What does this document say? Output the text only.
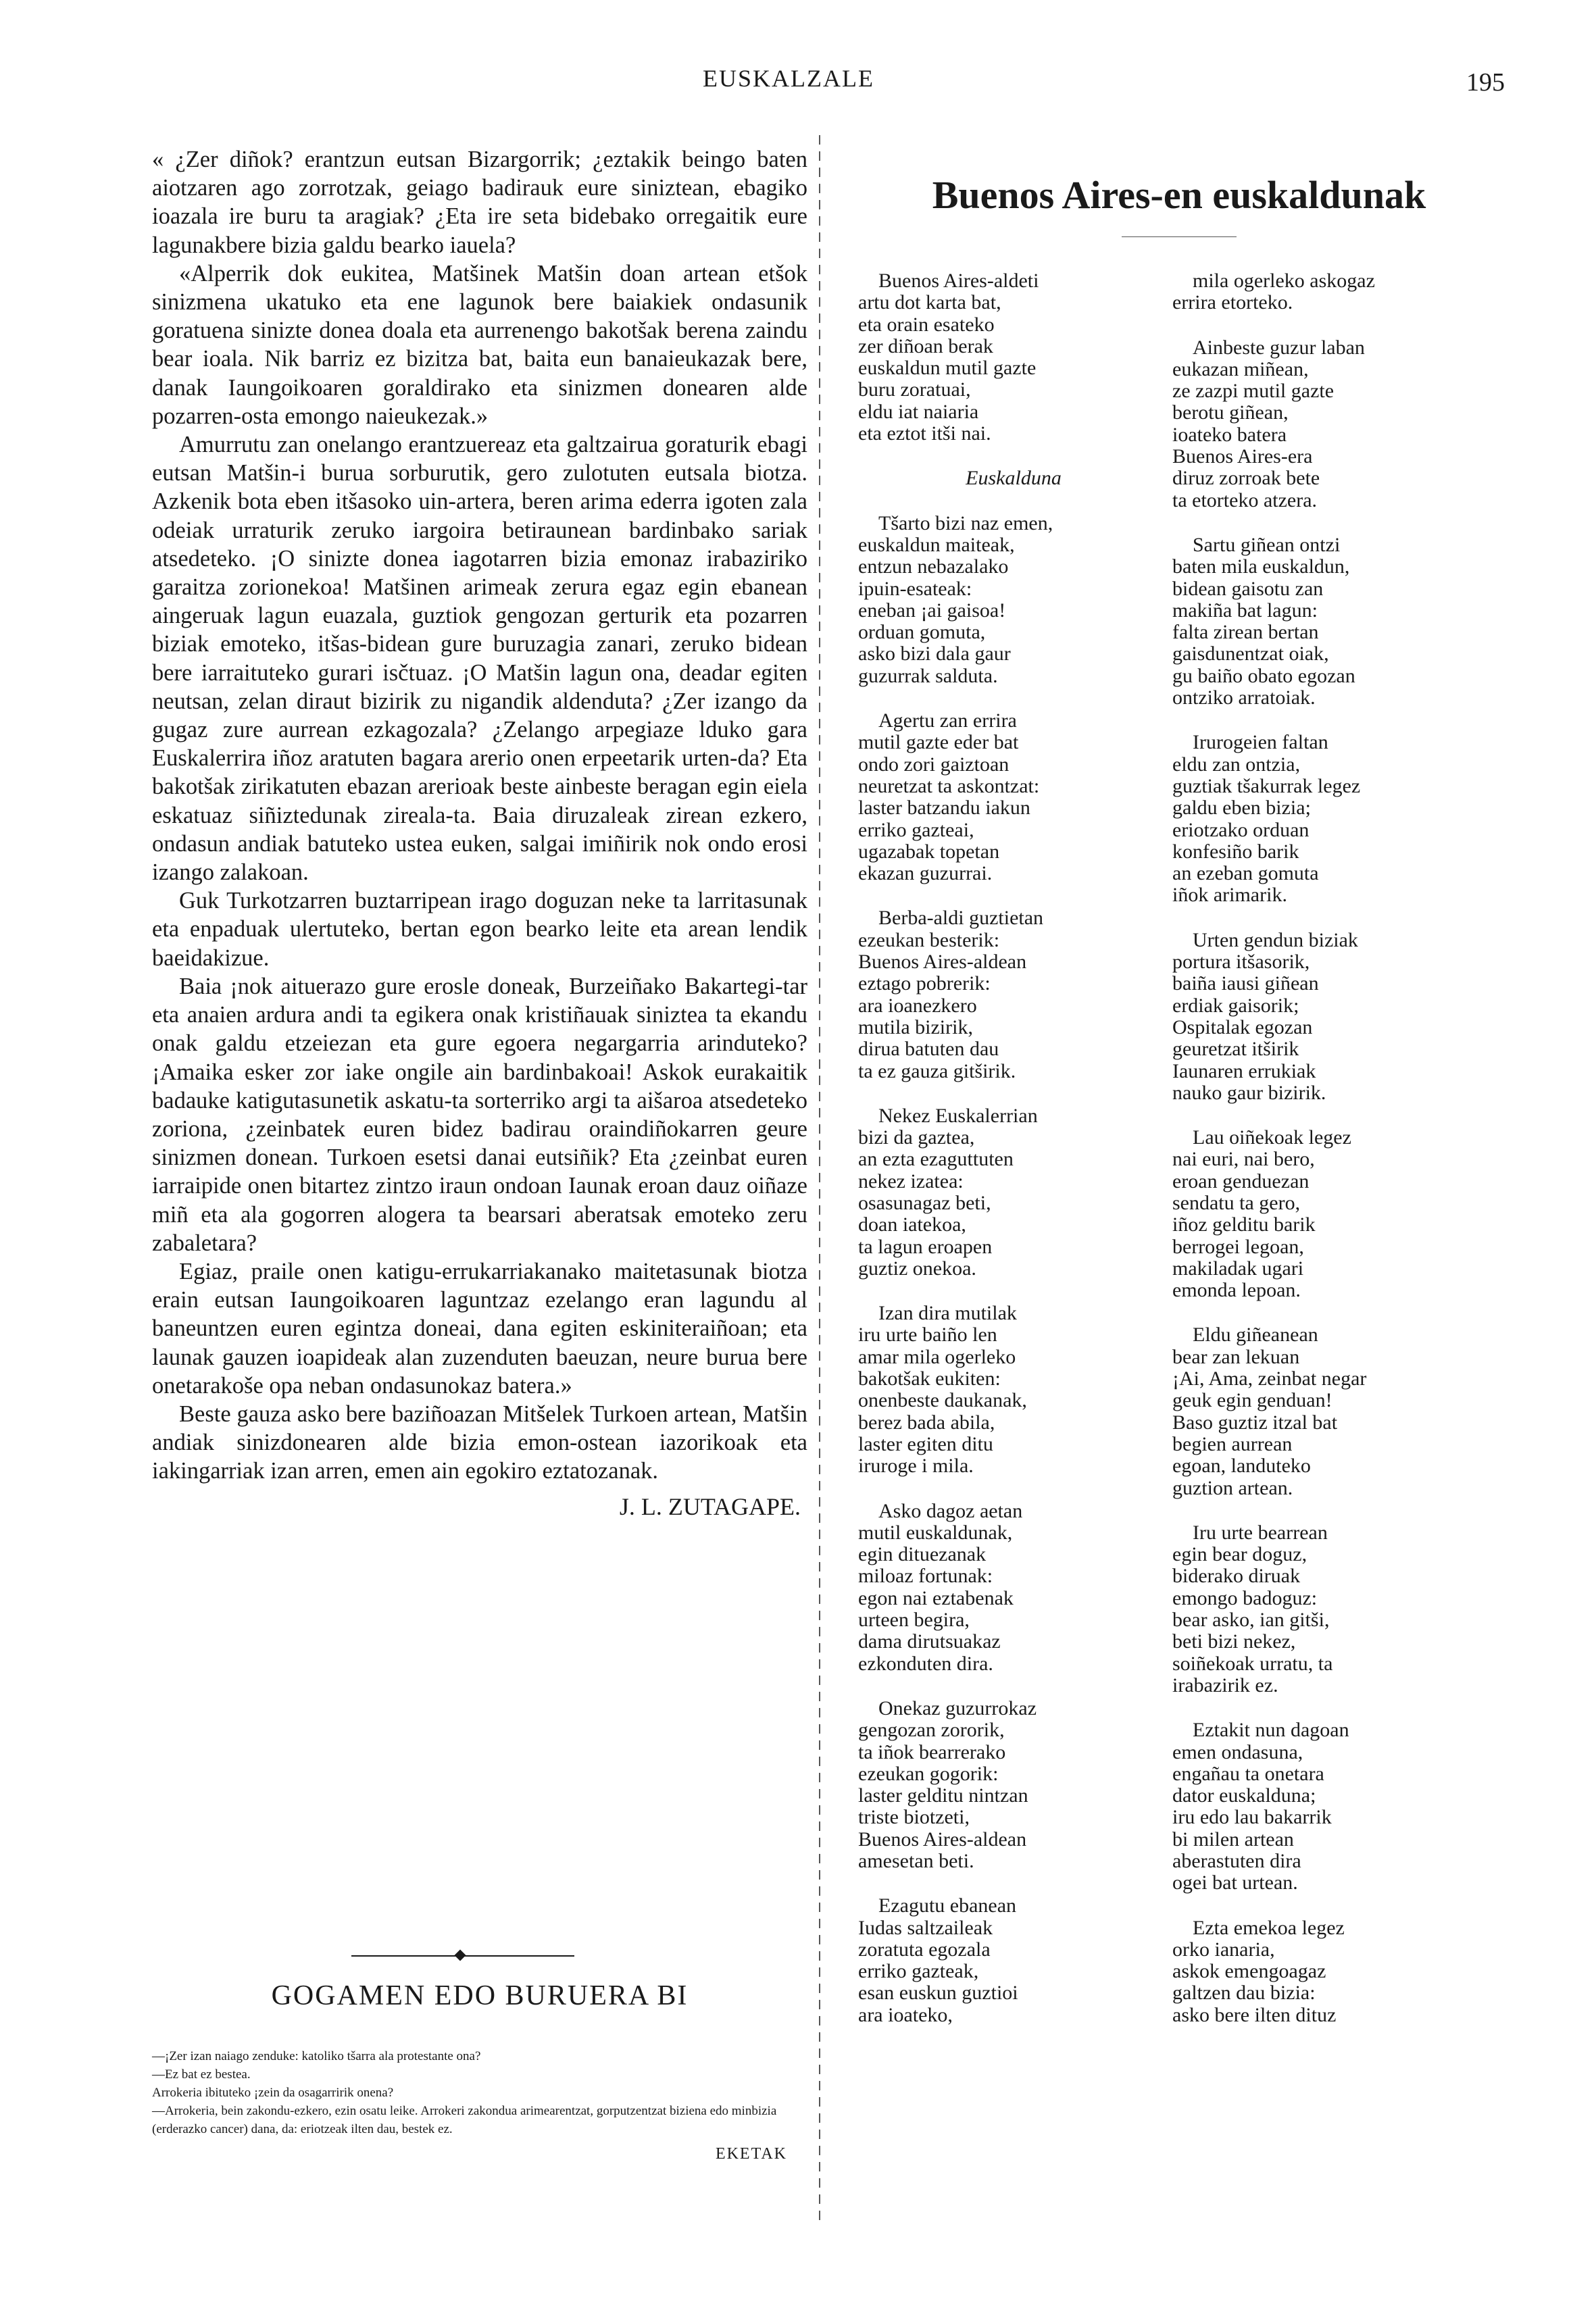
EUSKALZALE	195

« ¿Zer diñok? erantzun eutsan Bizargorrik; ¿eztakik beingo baten aiotzaren ago zorrotzak, geiago badirauk eure siniztean, ebagiko ioazala ire buru ta aragiak? ¿Eta ire seta bidebako orregaitik eure lagunakbere bizia galdu bearko iauela?

«Alperrik dok eukitea, Matšinek Matšin doan artean etšok sinizmena ukatuko eta ene lagunok bere baiakiek ondasunik goratuena sinizte donea doala eta aurrenengo bakotšak berena zaindu bear ioala. Nik barriz ez bizitza bat, baita eun banaieukazak bere, danak Iaungoikoaren goraldirako eta sinizmen donearen alde pozarren-osta emongo naieukezak.»

Amurrutu zan onelango erantzuereaz eta galtzairua goraturik ebagi eutsan Matšin-i burua sorburutik, gero zulotuten eutsala biotza. Azkenik bota eben itšasoko uin-artera, beren arima ederra igoten zala odeiak urraturik zeruko iargoira betiraunean bardinbako sariak atsedeteko. ¡O sinizte donea iagotarren bizia emonaz irabaziriko garaitza zorionekoa! Matšinen arimeak zerura egaz egin ebanean aingeruak lagun euazala, guztiok gengozan gerturik eta pozarren biziak emoteko, itšas-bidean gure buruzagia zanari, zeruko bidean bere iarraituteko gurari isčtuaz. ¡O Matšin lagun ona, deadar egiten neutsan, zelan diraut bizirik zu nigandik aldenduta? ¿Zer izango da gugaz zure aurrean ezkagozala? ¿Zelango arpegiaze lduko gara Euskalerrira iñoz aratuten bagara arerio onen erpeetarik urten-da? Eta bakotšak zirikatuten ebazan arerioak beste ainbeste beragan egin eiela eskatuaz siñiztedunak zireala-ta. Baia diruzaleak zirean ezkero, ondasun andiak batuteko ustea euken, salgai imiñirik nok ondo erosi izango zalakoan.

Guk Turkotzarren buztarripean irago doguzan neke ta larritasunak eta enpaduak ulertuteko, bertan egon bearko leite eta arean lendik baeidakizue.

Baia ¡nok aituerazo gure erosle doneak, Burzeiñako Bakartegi-tar eta anaien ardura andi ta egikera onak kristiñauak siniztea ta ekandu onak galdu etzeiezan eta gure egoera negargarria arinduteko? ¡Amaika esker zor iake ongile ain bardinbakoai! Askok eurakaitik badauke katigutasunetik askatu-ta sorterriko argi ta aišaroa atsedeteko zoriona, ¿zeinbatek euren bidez badirau oraindiñokarren geure sinizmen donean. Turkoen esetsi danai eutsiñik? Eta ¿zeinbat euren iarraipide onen bitartez zintzo iraun ondoan Iaunak eroan dauz oiñaze miñ eta ala gogorren alogera ta bearsari aberatsak emoteko zeru zabaletara?

Egiaz, praile onen katigu-errukarriakanako maitetasunak biotza erain eutsan Iaungoikoaren laguntzaz ezelango eran lagundu al baneuntzen euren egintza doneai, dana egiten eskiniteraiñoan; eta launak gauzen ioapideak alan zuzenduten baeuzan, neure burua bere onetarakoše opa neban ondasunokaz batera.»

Beste gauza asko bere baziñoazan Mitšelek Turkoen artean, Matšin andiak sinizdonearen alde bizia emon-ostean iazorikoak eta iakingarriak izan arren, emen ain egokiro eztatozanak.

J. L. ZUTAGAPE.
GOGAMEN EDO BURUERA BI

—¡Zer izan naiago zenduke: katoliko tšarra ala protestante ona?

—Ez bat ez bestea.

Arrokeria ibituteko ¡zein da osagarririk onena?

—Arrokeria, bein zakondu-ezkero, ezin osatu leike. Arrokeri zakondua arimearentzat, gorputzentzat biziena edo minbizia (erderazko cancer) dana, da: eriotzeak ilten dau, bestek ez.

EKETAK
Buenos Aires-en euskaldunak
Buenos Aires-aldeti
artu dot karta bat,
eta orain esateko
zer diñoan berak
euskaldun mutil gazte
buru zoratuai,
eldu iat naiaria
eta eztot itši nai.
Euskalduna
Tšarto bizi naz emen,
euskaldun maiteak,
entzun nebazalako
ipuin-esateak:
eneban ¡ai gaisoa!
orduan gomuta,
asko bizi dala gaur
guzurrak salduta.
Agertu zan errira
mutil gazte eder bat
ondo zori gaiztoan
neuretzat ta askontzat:
laster batzandu iakun
erriko gazteai,
ugazabak topetan
ekazan guzurrai.
Berba-aldi guztietan
ezeukan besterik:
Buenos Aires-aldean
eztago pobrerik:
ara ioanezkero
mutila bizirik,
dirua batuten dau
ta ez gauza gitširik.
Nekez Euskalerrian
bizi da gaztea,
an ezta ezaguttuten
nekez izatea:
osasunagaz beti,
doan iatekoa,
ta lagun eroapen
guztiz onekoa.
Izan dira mutilak
iru urte baiño len
amar mila ogerleko
bakotšak eukiten:
onenbeste daukanak,
berez bada abila,
laster egiten ditu
iruroge i mila.
Asko dagoz aetan
mutil euskaldunak,
egin dituezanak
miloaz fortunak:
egon nai eztabenak
urteen begira,
dama dirutsuakaz
ezkonduten dira.
Onekaz guzurrokaz
gengozan zororik,
ta iñok bearrerako
ezeukan gogorik:
laster gelditu nintzan
triste biotzeti,
Buenos Aires-aldean
amesetan beti.
Ezagutu ebanean
Iudas saltzaileak
zoratuta egozala
erriko gazteak,
esan euskun guztioi
ara ioateko,
mila ogerleko askogaz
errira etorteko.
Ainbeste guzur laban
eukazan miñean,
ze zazpi mutil gazte
berotu giñean,
ioateko batera
Buenos Aires-era
diruz zorroak bete
ta etorteko atzera.
Sartu giñean ontzi
baten mila euskaldun,
bidean gaisotu zan
makiña bat lagun:
falta zirean bertan
gaisdunentzat oiak,
gu baiño obato egozan
ontziko arratoiak.
Irurogeien faltan
eldu zan ontzia,
guztiak tšakurrak legez
galdu eben bizia;
eriotzako orduan
konfesiño barik
an ezeban gomuta
iñok arimarik.
Urten gendun biziak
portura itšasorik,
baiña iausi giñean
erdiak gaisorik;
Ospitalak egozan
geuretzat itširik
Iaunaren errukiak
nauko gaur bizirik.
Lau oiñekoak legez
nai euri, nai bero,
eroan genduezan
sendatu ta gero,
iñoz gelditu barik
berrogei legoan,
makiladak ugari
emonda lepoan.
Eldu giñeanean
bear zan lekuan
¡Ai, Ama, zeinbat negar
geuk egin genduan!
Baso guztiz itzal bat
begien aurrean
egoan, landuteko
guztion artean.
Iru urte bearrean
egin bear doguz,
biderako diruak
emongo badoguz:
bear asko, ian gitši,
beti bizi nekez,
soiñekoak urratu, ta
irabazirik ez.
Eztakit nun dagoan
emen ondasuna,
engañau ta onetara
dator euskalduna;
iru edo lau bakarrik
bi milen artean
aberastuten dira
ogei bat urtean.
Ezta emekoa legez
orko ianaria,
askok emengoagaz
galtzen dau bizia:
asko bere ilten dituz
